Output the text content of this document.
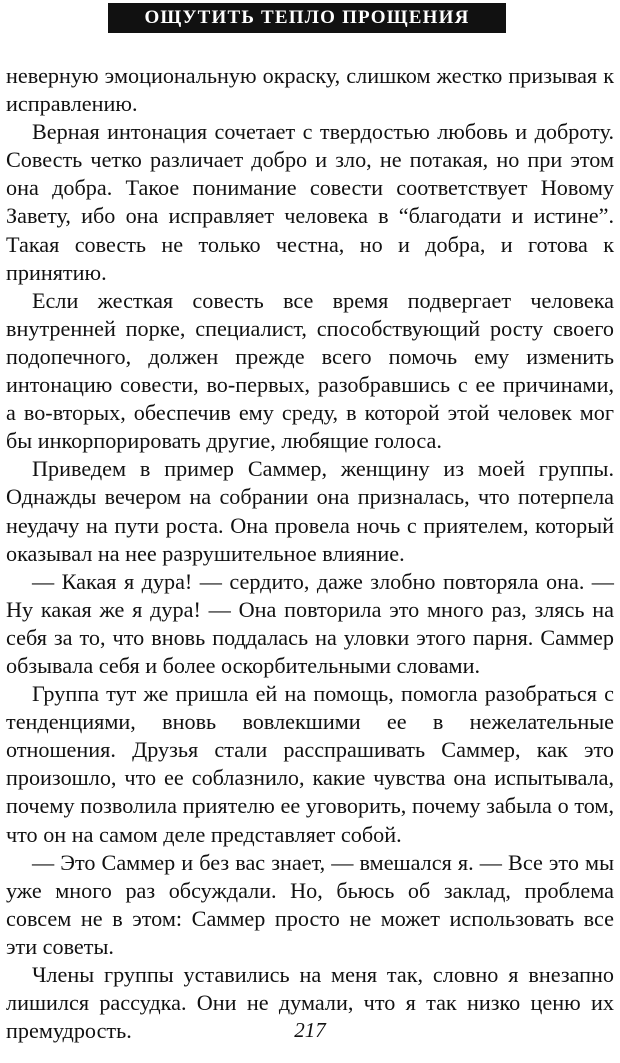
ОЩУТИТЬ ТЕПЛО ПРОЩЕНИЯ

неверную эмоциональную окраску, слишком жестко призывая к исправлению.

Верная интонация сочетает с твердостью любовь и доброту. Совесть четко различает добро и зло, не потакая, но при этом она добра. Такое понимание совести соответствует Новому Завету, ибо она исправляет человека в “благодати и истине”. Такая совесть не только честна, но и добра, и готова к принятию.

Если жесткая совесть все время подвергает человека внутренней порке, специалист, способствующий росту своего подопечного, должен прежде всего помочь ему изменить интонацию совести, во-первых, разобравшись с ее причинами, а во-вторых, обеспечив ему среду, в которой этой человек мог бы инкорпорировать другие, любящие голоса.

Приведем в пример Саммер, женщину из моей группы. Однажды вечером на собрании она призналась, что потерпела неудачу на пути роста. Она провела ночь с приятелем, который оказывал на нее разрушительное влияние.

— Какая я дура! — сердито, даже злобно повторяла она. — Ну какая же я дура! — Она повторила это много раз, злясь на себя за то, что вновь поддалась на уловки этого парня. Саммер обзывала себя и более оскорбительными словами.

Группа тут же пришла ей на помощь, помогла разобраться с тенденциями, вновь вовлекшими ее в нежелательные отношения. Друзья стали расспрашивать Саммер, как это произошло, что ее соблазнило, какие чувства она испытывала, почему позволила приятелю ее уговорить, почему забыла о том, что он на самом деле представляет собой.

— Это Саммер и без вас знает, — вмешался я. — Все это мы уже много раз обсуждали. Но, бьюсь об заклад, проблема совсем не в этом: Саммер просто не может использовать все эти советы.

Члены группы уставились на меня так, словно я внезапно лишился рассудка. Они не думали, что я так низко ценю их премудрость.	217
